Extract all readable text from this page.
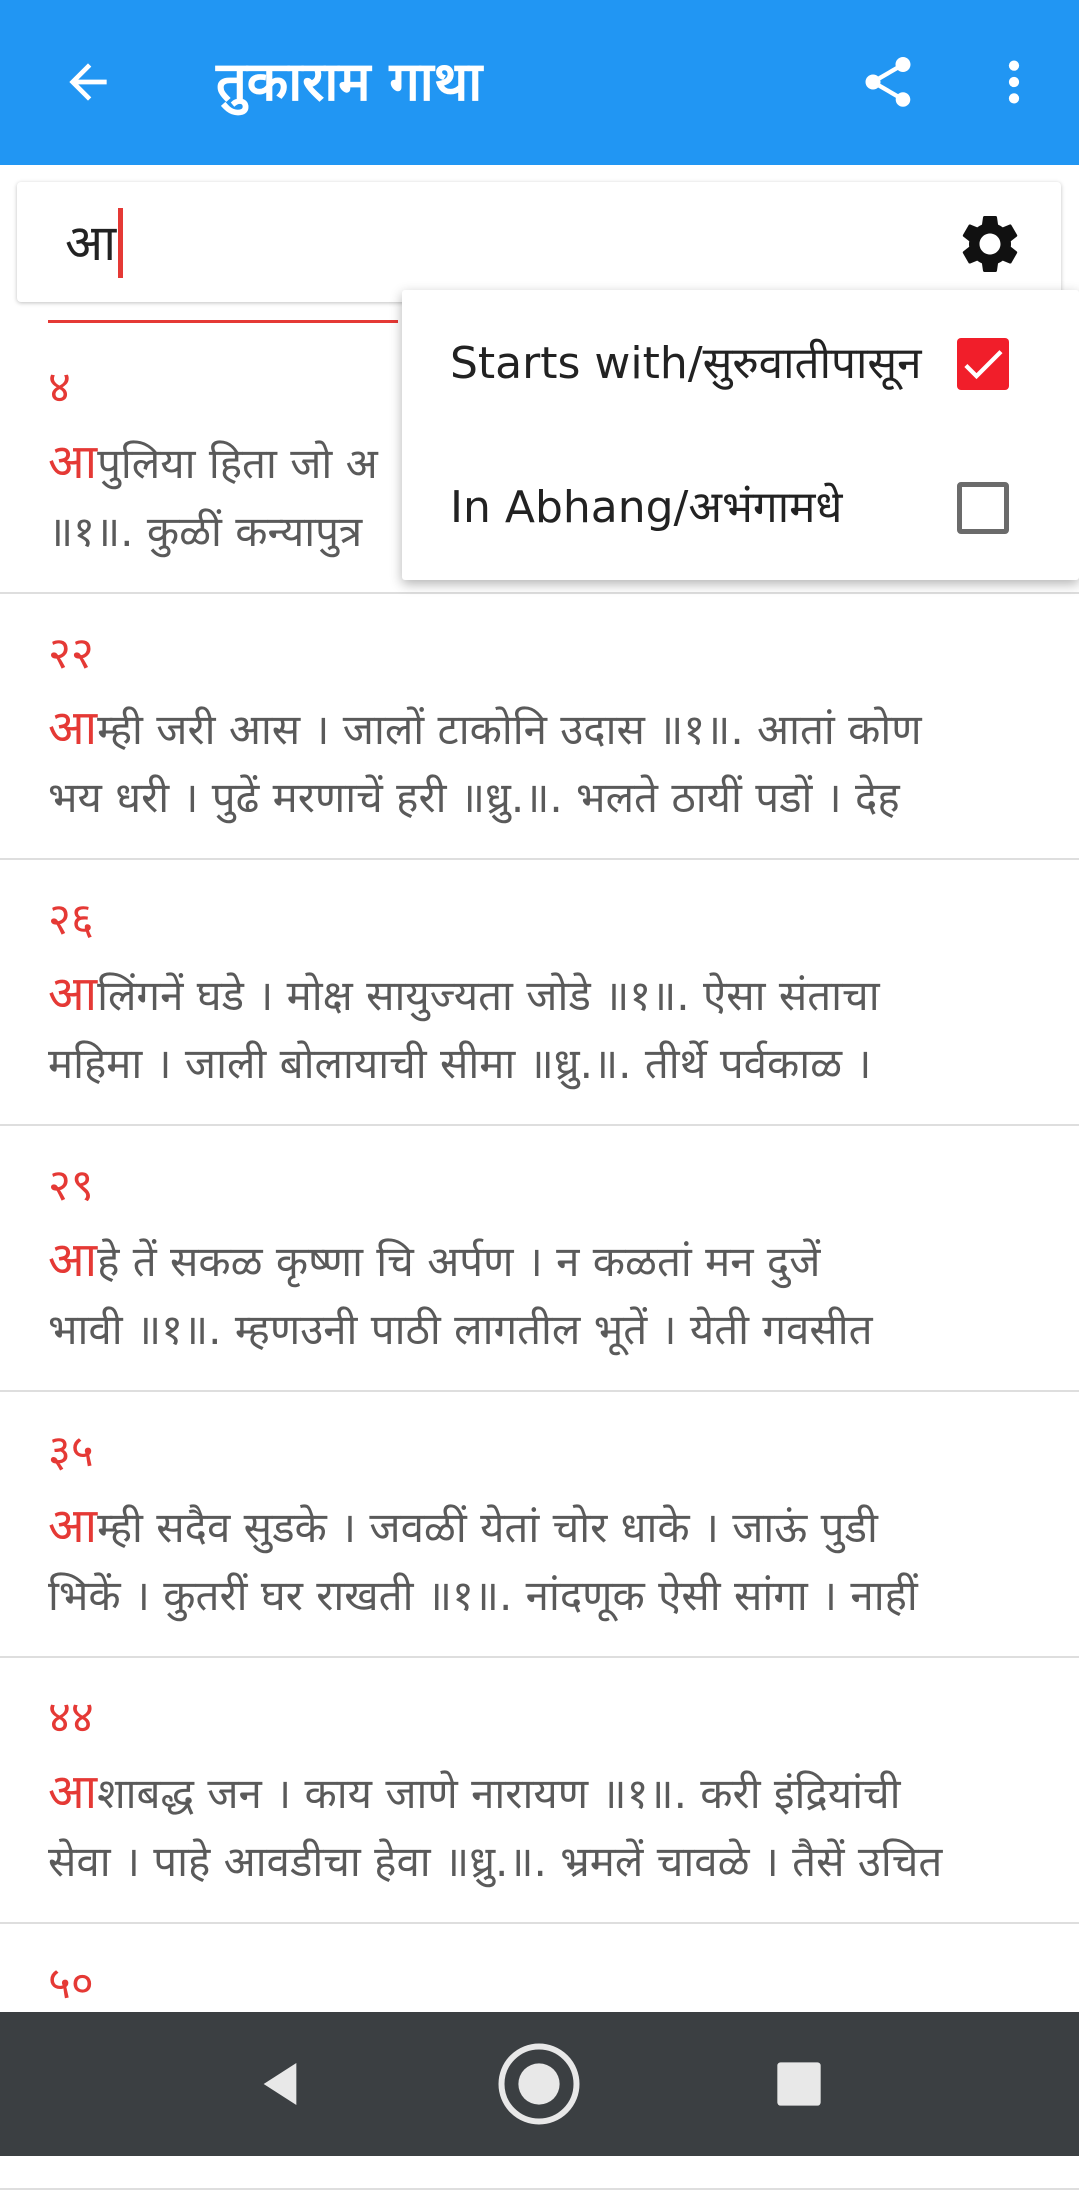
तुकाराम गाथा
आ
४
आपुलिया हिता जो अ
॥१॥. कुळीं कन्यापुत्र
२२
आम्ही जरी आस । जालों टाकोनि उदास ॥१॥. आतां कोण
भय धरी । पुढें मरणाचें हरी ॥ध्रु.॥. भलते ठायीं पडों । देह
२६
आलिंगनें घडे । मोक्ष सायुज्यता जोडे ॥१॥. ऐसा संताचा
महिमा । जाली बोलायाची सीमा ॥ध्रु.॥. तीर्थे पर्वकाळ ।
२९
आहे तें सकळ कृष्णा चि अर्पण । न कळतां मन दुजें
भावी ॥१॥. म्हणउनी पाठी लागतील भूतें । येती गवसीत
३५
आम्ही सदैव सुडके । जवळीं येतां चोर धाके । जाऊं पुडी
भिकें । कुतरीं घर राखती ॥१॥. नांदणूक ऐसी सांगा । नाहीं
४४
आशाबद्ध जन । काय जाणे नारायण ॥१॥. करी इंद्रियांची
सेवा । पाहे आवडीचा हेवा ॥ध्रु.॥. भ्रमलें चावळे । तैसें उचित
५०

Starts with/सुरुवातीपासून
In Abhang/अभंगामधे
